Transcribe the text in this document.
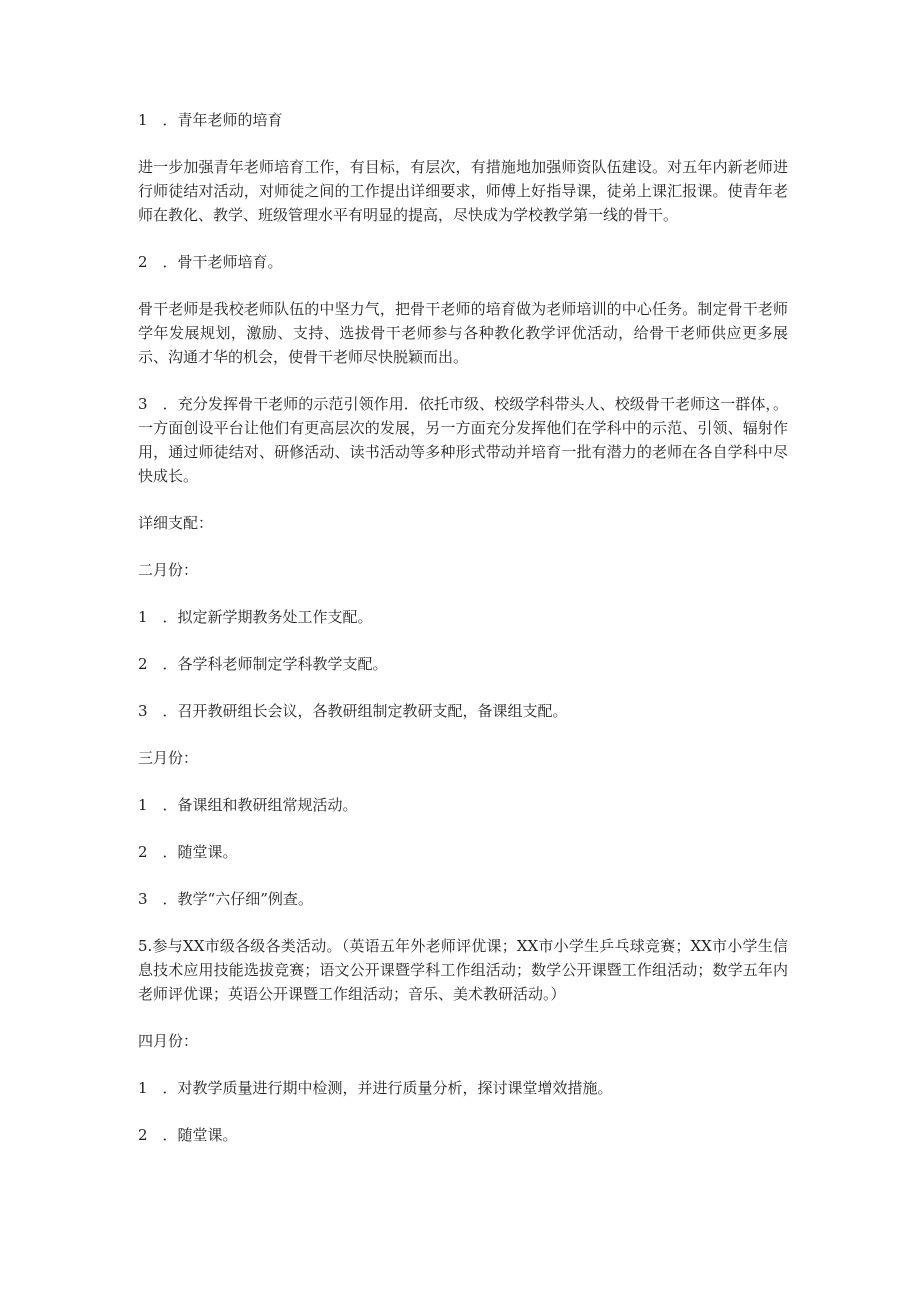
1　．青年老师的培育

进一步加强青年老师培育工作，有目标，有层次，有措施地加强师资队伍建设。对五年内新老师进行师徒结对活动，对师徒之间的工作提出详细要求，师傅上好指导课，徒弟上课汇报课。使青年老师在教化、教学、班级管理水平有明显的提高，尽快成为学校教学第一线的骨干。

2　．骨干老师培育。

骨干老师是我校老师队伍的中坚力气，把骨干老师的培育做为老师培训的中心任务。制定骨干老师学年发展规划，激励、支持、选拔骨干老师参与各种教化教学评优活动，给骨干老师供应更多展示、沟通才华的机会，使骨干老师尽快脱颖而出。

3　．充分发挥骨干老师的示范引领作用．依托市级、校级学科带头人、校级骨干老师这一群体，。一方面创设平台让他们有更高层次的发展，另一方面充分发挥他们在学科中的示范、引领、辐射作用，通过师徒结对、研修活动、读书活动等多种形式带动并培育一批有潜力的老师在各自学科中尽快成长。

详细支配：

二月份：

1　．拟定新学期教务处工作支配。

2　．各学科老师制定学科教学支配。

3　．召开教研组长会议，各教研组制定教研支配，备课组支配。

三月份：

1　．备课组和教研组常规活动。

2　．随堂课。

3　．教学“六仔细”例查。

5.参与XX市级各级各类活动。（英语五年外老师评优课；XX市小学生乒乓球竞赛；XX市小学生信息技术应用技能选拔竞赛；语文公开课暨学科工作组活动；数学公开课暨工作组活动；数学五年内老师评优课；英语公开课暨工作组活动；音乐、美术教研活动。）

四月份：

1　．对教学质量进行期中检测，并进行质量分析，探讨课堂增效措施。

2　．随堂课。
